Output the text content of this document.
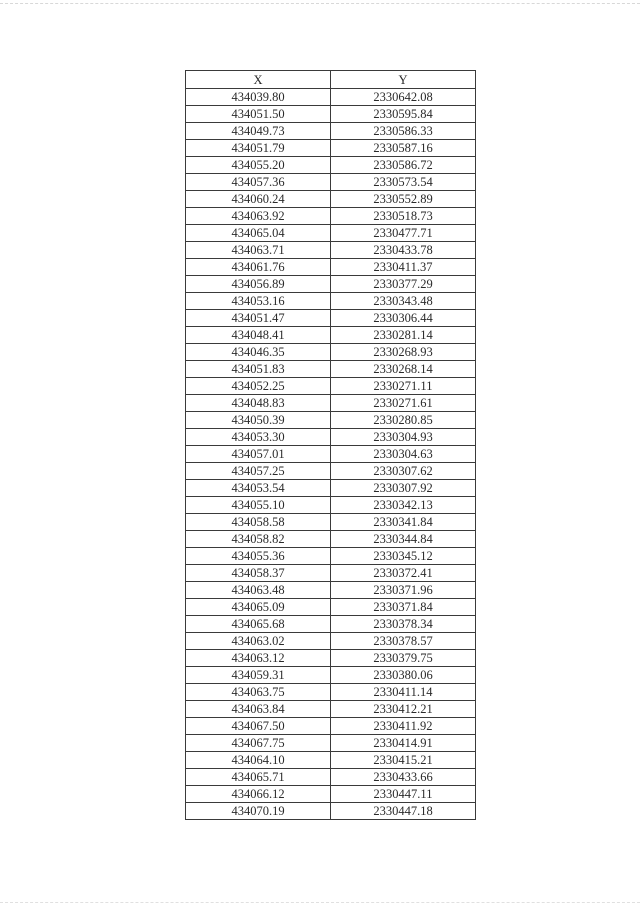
X	Y
434039.80	2330642.08
434051.50	2330595.84
434049.73	2330586.33
434051.79	2330587.16
434055.20	2330586.72
434057.36	2330573.54
434060.24	2330552.89
434063.92	2330518.73
434065.04	2330477.71
434063.71	2330433.78
434061.76	2330411.37
434056.89	2330377.29
434053.16	2330343.48
434051.47	2330306.44
434048.41	2330281.14
434046.35	2330268.93
434051.83	2330268.14
434052.25	2330271.11
434048.83	2330271.61
434050.39	2330280.85
434053.30	2330304.93
434057.01	2330304.63
434057.25	2330307.62
434053.54	2330307.92
434055.10	2330342.13
434058.58	2330341.84
434058.82	2330344.84
434055.36	2330345.12
434058.37	2330372.41
434063.48	2330371.96
434065.09	2330371.84
434065.68	2330378.34
434063.02	2330378.57
434063.12	2330379.75
434059.31	2330380.06
434063.75	2330411.14
434063.84	2330412.21
434067.50	2330411.92
434067.75	2330414.91
434064.10	2330415.21
434065.71	2330433.66
434066.12	2330447.11
434070.19	2330447.18
